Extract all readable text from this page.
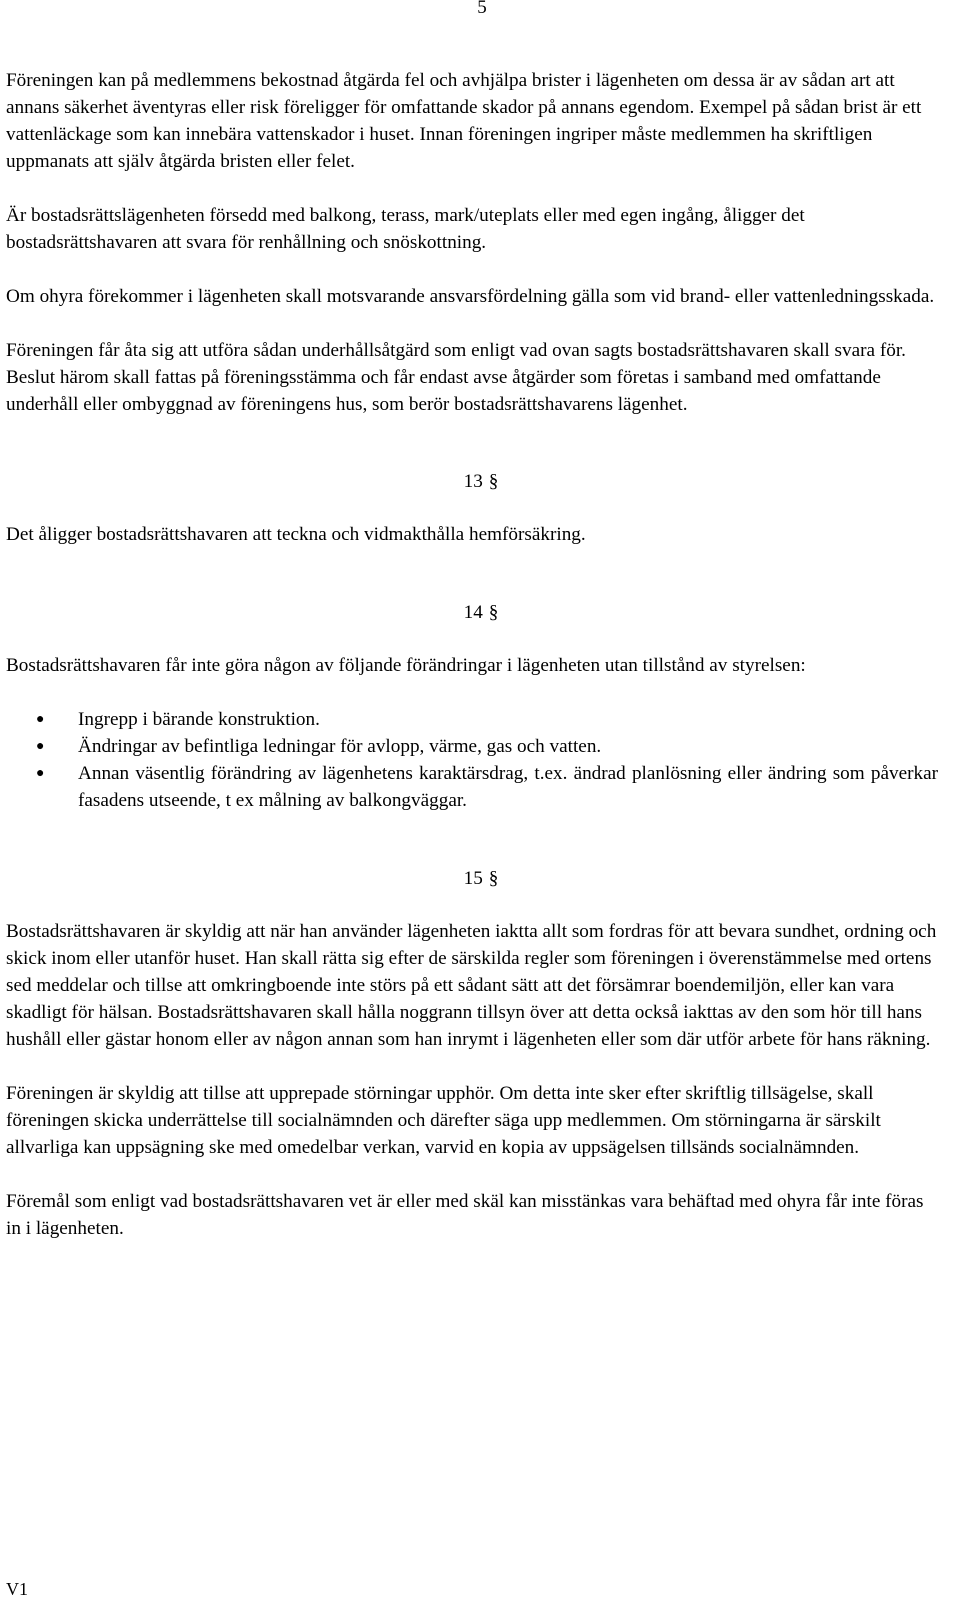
5

Föreningen kan på medlemmens bekostnad åtgärda fel och avhjälpa brister i lägenheten om dessa är av sådan art att annans säkerhet äventyras eller risk föreligger för omfattande skador på annans egendom. Exempel på sådan brist är ett vattenläckage som kan innebära vattenskador i huset. Innan föreningen ingriper måste medlemmen ha skriftligen uppmanats att själv åtgärda bristen eller felet.

Är bostadsrättslägenheten försedd med balkong, terass, mark/uteplats eller med egen ingång, åligger det bostadsrättshavaren att svara för renhållning och snöskottning.

Om ohyra förekommer i lägenheten skall motsvarande ansvarsfördelning gälla som vid brand- eller vattenledningsskada.

Föreningen får åta sig att utföra sådan underhållsåtgärd som enligt vad ovan sagts bostadsrättshavaren skall svara för. Beslut härom skall fattas på föreningsstämma och får endast avse åtgärder som företas i samband med omfattande underhåll eller ombyggnad av föreningens hus, som berör bostadsrättshavarens lägenhet.

13 §

Det åligger bostadsrättshavaren att teckna och vidmakthålla hemförsäkring.

14 §

Bostadsrättshavaren får inte göra någon av följande förändringar i lägenheten utan tillstånd av styrelsen:

● Ingrepp i bärande konstruktion.
● Ändringar av befintliga ledningar för avlopp, värme, gas och vatten.
● Annan väsentlig förändring av lägenhetens karaktärsdrag, t.ex. ändrad planlösning eller ändring som påverkar fasadens utseende, t ex målning av balkongväggar.
15 §

Bostadsrättshavaren är skyldig att när han använder lägenheten iaktta allt som fordras för att bevara sundhet, ordning och skick inom eller utanför huset. Han skall rätta sig efter de särskilda regler som föreningen i överenstämmelse med ortens sed meddelar och tillse att omkringboende inte störs på ett sådant sätt att det försämrar boendemiljön, eller kan vara skadligt för hälsan. Bostadsrättshavaren skall hålla noggrann tillsyn över att detta också iakttas av den som hör till hans hushåll eller gästar honom eller av någon annan som han inrymt i lägenheten eller som där utför arbete för hans räkning.

Föreningen är skyldig att tillse att upprepade störningar upphör. Om detta inte sker efter skriftlig tillsägelse, skall föreningen skicka underrättelse till socialnämnden och därefter säga upp medlemmen. Om störningarna är särskilt allvarliga kan uppsägning ske med omedelbar verkan, varvid en kopia av uppsägelsen tillsänds socialnämnden.

Föremål som enligt vad bostadsrättshavaren vet är eller med skäl kan misstänkas vara behäftad med ohyra får inte föras in i lägenheten.

V1
